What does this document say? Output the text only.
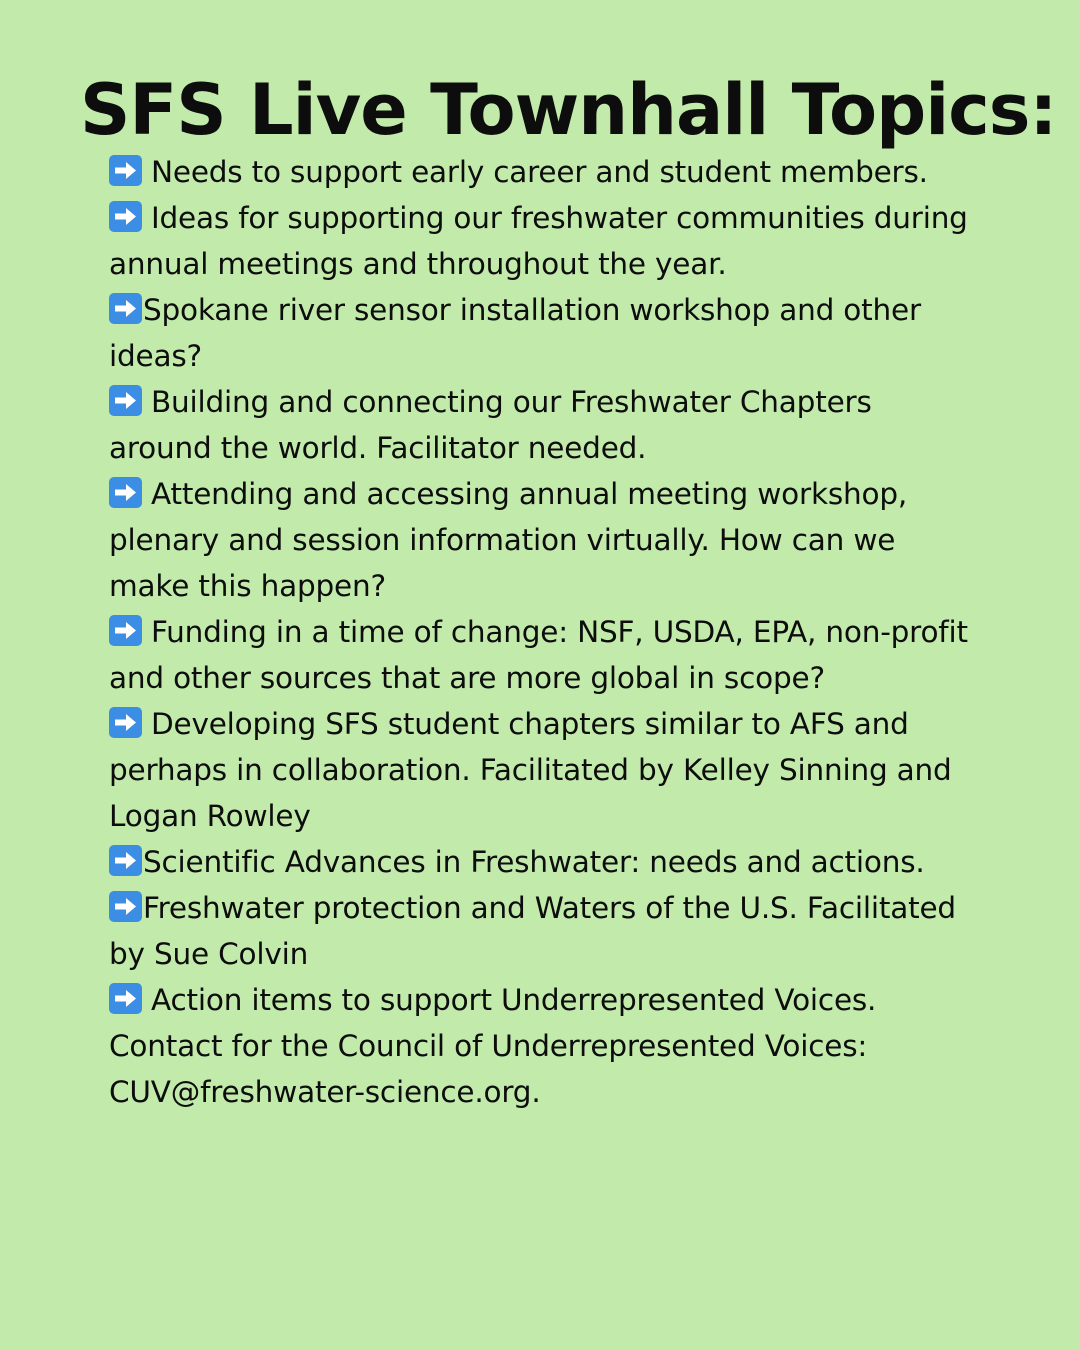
SFS Live Townhall Topics:
Needs to support early career and student members.
Ideas for supporting our freshwater communities during annual meetings and throughout the year.
Spokane river sensor installation workshop and other ideas?
Building and connecting our Freshwater Chapters around the world. Facilitator needed.
Attending and accessing annual meeting workshop, plenary and session information virtually. How can we make this happen?
Funding in a time of change: NSF, USDA, EPA, non-profit and other sources that are more global in scope?
Developing SFS student chapters similar to AFS and perhaps in collaboration. Facilitated by Kelley Sinning and Logan Rowley
Scientific Advances in Freshwater: needs and actions.
Freshwater protection and Waters of the U.S. Facilitated by Sue Colvin
Action items to support Underrepresented Voices. Contact for the Council of Underrepresented Voices: CUV@freshwater-science.org.
